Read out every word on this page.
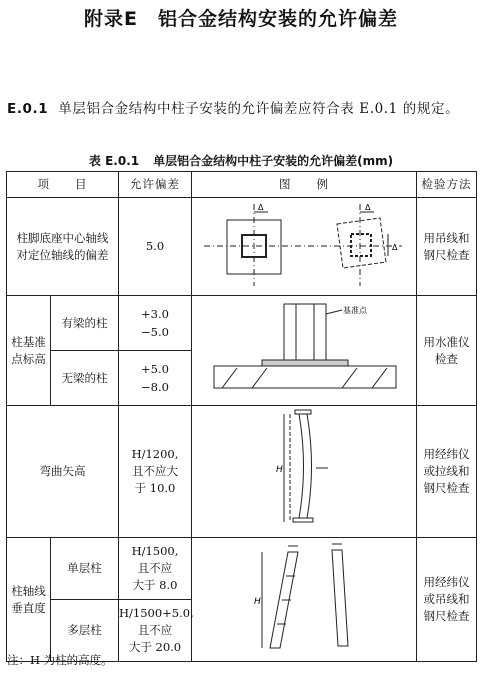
附录E　铝合金结构安装的允许偏差
E.0.1 单层铝合金结构中柱子安装的允许偏差应符合表 E.0.1 的规定。
表 E.0.1 单层铝合金结构中柱子安装的允许偏差(mm)
项　　目		允许偏差	图　　例	检验方法
柱脚底座中心轴线对定位轴线的偏差		5.0	Δ Δ
Δ	用吊线和钢尺检查
柱基准点标高	有梁的柱	+3.0
−5.0	基准点	用水准仪检查
	无梁的柱	+5.0
−8.0		

弯曲矢高		H/1200,
且不应大
于 10.0	H	用经纬仪或拉线和钢尺检查
柱轴线垂直度	单层柱	H/1500,
且不应
大于 8.0	H	用经纬仪或吊线和钢尺检查
	多层柱	H/1500+5.0,
且不应
大于 20.0		
注：H 为柱的高度。
